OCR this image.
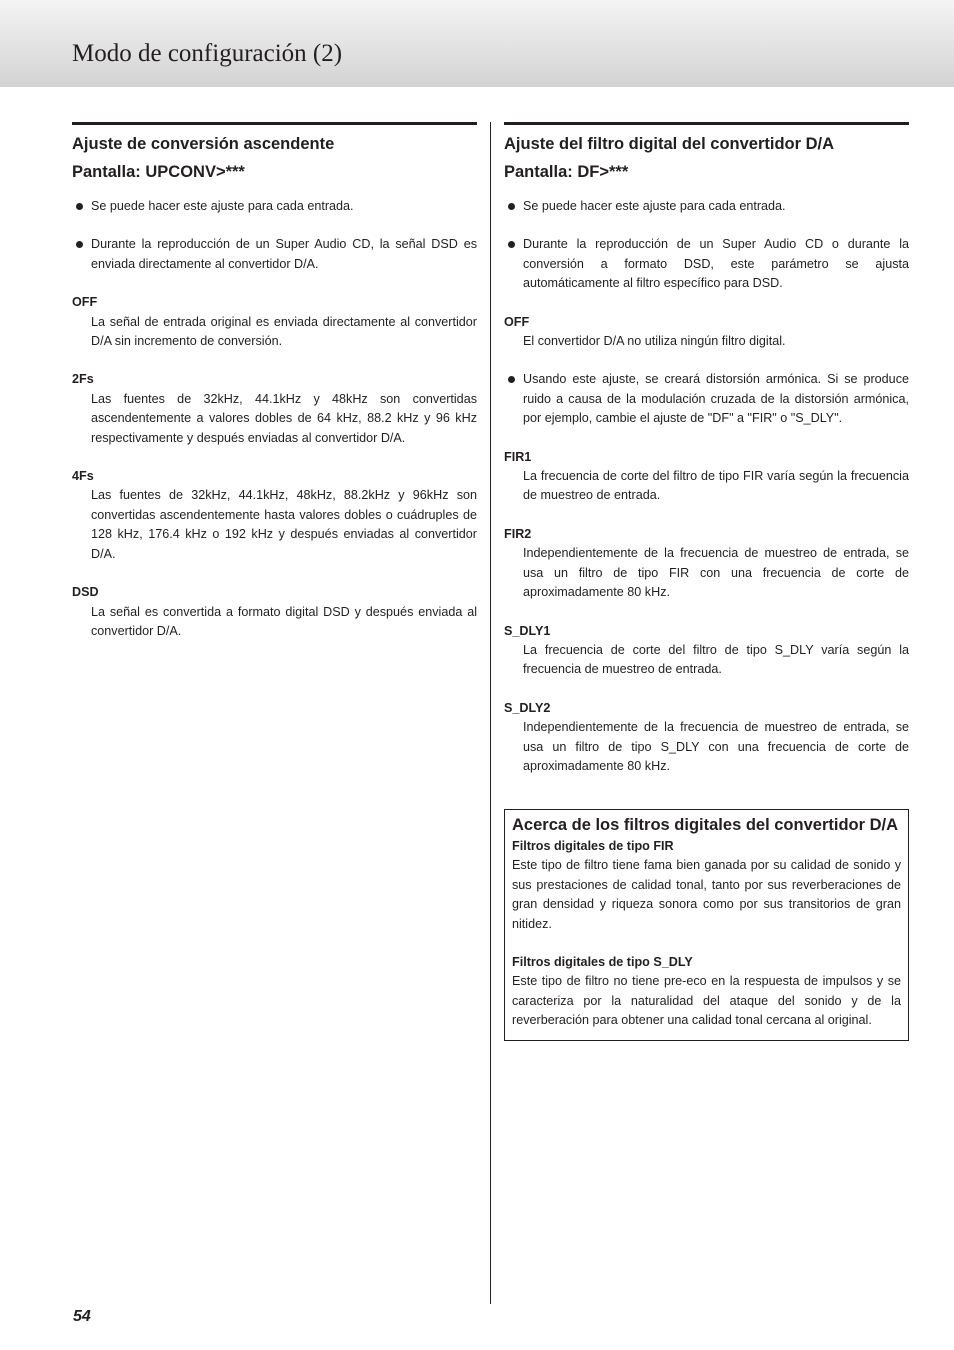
Modo de configuración (2)
Ajuste de conversión ascendente
Pantalla: UPCONV>***

Se puede hacer este ajuste para cada entrada.

Durante la reproducción de un Super Audio CD, la señal DSD es enviada directamente al convertidor D/A.

OFF

La señal de entrada original es enviada directamente al convertidor D/A sin incremento de conversión.

2Fs

Las fuentes de 32kHz, 44.1kHz y 48kHz son convertidas ascendentemente a valores dobles de 64 kHz, 88.2 kHz y 96 kHz respectivamente y después enviadas al convertidor D/A.

4Fs

Las fuentes de 32kHz, 44.1kHz, 48kHz, 88.2kHz y 96kHz son convertidas ascendentemente hasta valores dobles o cuádruples de 128 kHz, 176.4 kHz o 192 kHz y después enviadas al convertidor D/A.

DSD

La señal es convertida a formato digital DSD y después enviada al convertidor D/A.

Ajuste del filtro digital del convertidor D/A
Pantalla: DF>***

Se puede hacer este ajuste para cada entrada.

Durante la reproducción de un Super Audio CD o durante la conversión a formato DSD, este parámetro se ajusta automáticamente al filtro específico para DSD.

OFF

El convertidor D/A no utiliza ningún filtro digital.

Usando este ajuste, se creará distorsión armónica. Si se produce ruido a causa de la modulación cruzada de la distorsión armónica, por ejemplo, cambie el ajuste de "DF" a "FIR" o "S_DLY".

FIR1

La frecuencia de corte del filtro de tipo FIR varía según la frecuencia de muestreo de entrada.

FIR2

Independientemente de la frecuencia de muestreo de entrada, se usa un filtro de tipo FIR con una frecuencia de corte de aproximadamente 80 kHz.

S_DLY1

La frecuencia de corte del filtro de tipo S_DLY varía según la frecuencia de muestreo de entrada.

S_DLY2

Independientemente de la frecuencia de muestreo de entrada, se usa un filtro de tipo S_DLY con una frecuencia de corte de aproximadamente 80 kHz.

Acerca de los filtros digitales del convertidor D/A

Filtros digitales de tipo FIR

Este tipo de filtro tiene fama bien ganada por su calidad de sonido y sus prestaciones de calidad tonal, tanto por sus reverberaciones de gran densidad y riqueza sonora como por sus transitorios de gran nitidez.

Filtros digitales de tipo S_DLY

Este tipo de filtro no tiene pre-eco en la respuesta de impulsos y se caracteriza por la naturalidad del ataque del sonido y de la reverberación para obtener una calidad tonal cercana al original.

54
